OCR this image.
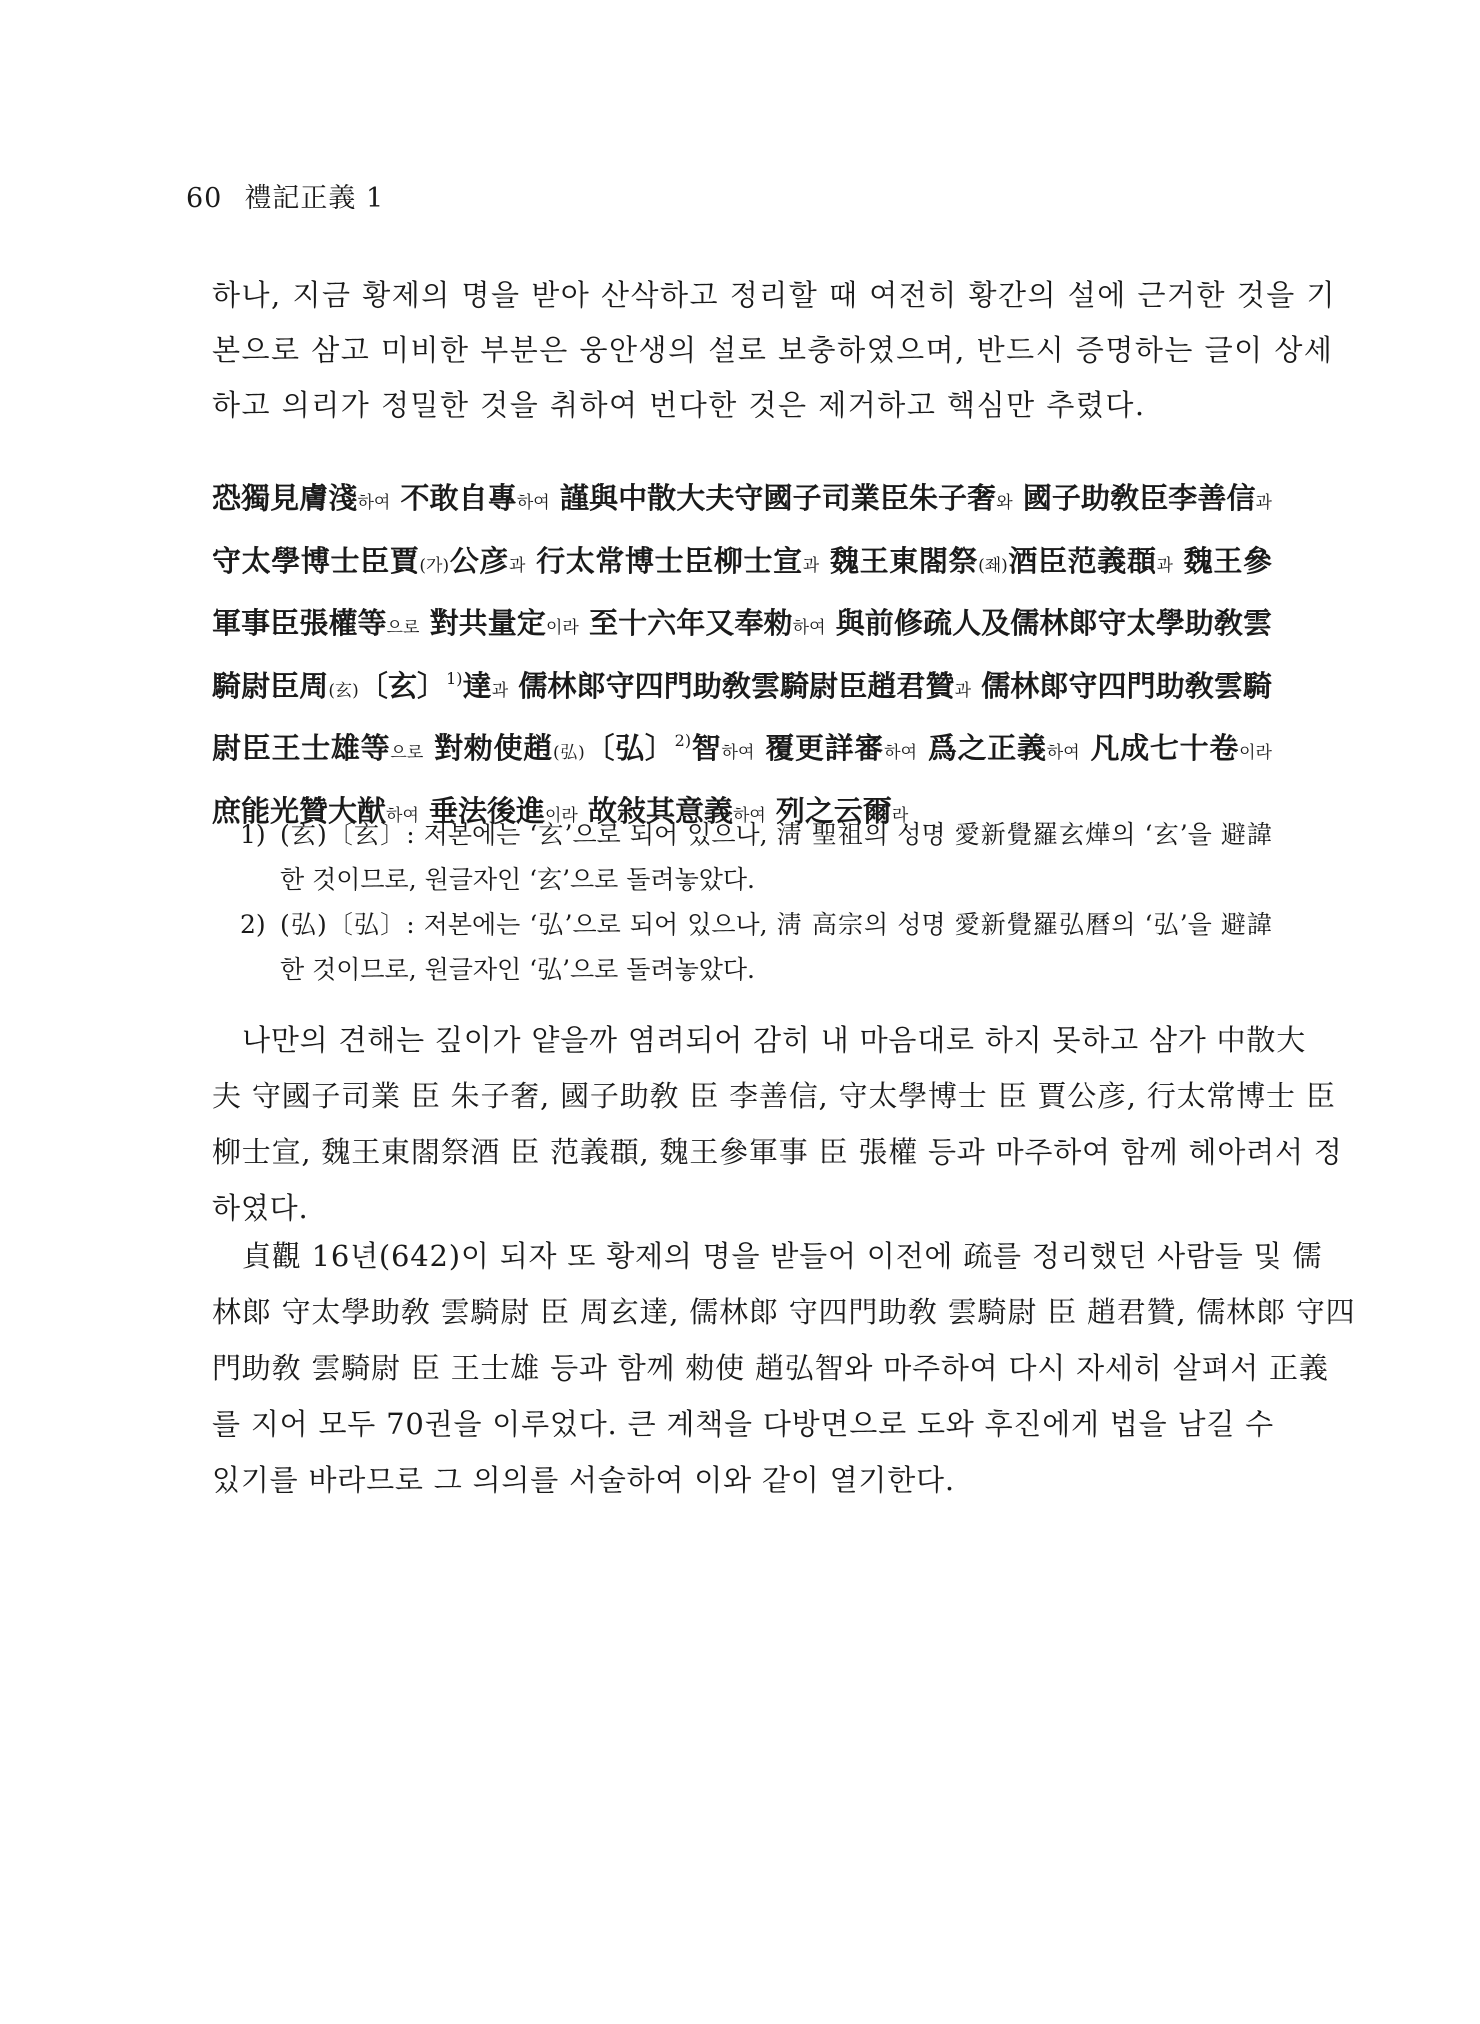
60 禮記正義 1
하나, 지금 황제의 명을 받아 산삭하고 정리할 때 여전히 황간의 설에 근거한 것을 기
본으로 삼고 미비한 부분은 웅안생의 설로 보충하였으며, 반드시 증명하는 글이 상세
하고 의리가 정밀한 것을 취하여 번다한 것은 제거하고 핵심만 추렸다.
恐獨見膚淺하여 不敢自專하여 謹與中散大夫守國子司業臣朱子奢와 國子助敎臣李善信과
守太學博士臣賈(가)公彦과 行太常博士臣柳士宣과 魏王東閤祭(좨)酒臣范義頵과 魏王參
軍事臣張權等으로 對共量定이라 至十六年又奉勑하여 與前修疏人及儒林郞守太學助敎雲
騎尉臣周(玄)〔玄〕$^{1)}$達과 儒林郞守四門助敎雲騎尉臣趙君贊과 儒林郞守四門助敎雲騎
尉臣王士雄等으로 對勑使趙(弘)〔弘〕$^{2)}$智하여 覆更詳審하여 爲之正義하여 凡成七十卷이라
庶能光贊大猷하여 垂法後進이라 故敍其意義하여 列之云爾라
1) (玄)〔玄〕: 저본에는 ‘玄’으로 되어 있으나, 淸 聖祖의 성명 愛新覺羅玄燁의 ‘玄’을 避諱
한 것이므로, 원글자인 ‘玄’으로 돌려놓았다.
2) (弘)〔弘〕: 저본에는 ‘弘’으로 되어 있으나, 淸 高宗의 성명 愛新覺羅弘曆의 ‘弘’을 避諱
한 것이므로, 원글자인 ‘弘’으로 돌려놓았다.
나만의 견해는 깊이가 얕을까 염려되어 감히 내 마음대로 하지 못하고 삼가 中散大
夫 守國子司業 臣 朱子奢, 國子助敎 臣 李善信, 守太學博士 臣 賈公彦, 行太常博士 臣
柳士宣, 魏王東閤祭酒 臣 范義頵, 魏王參軍事 臣 張權 등과 마주하여 함께 헤아려서 정
하였다.
貞觀 16년(642)이 되자 또 황제의 명을 받들어 이전에 疏를 정리했던 사람들 및 儒
林郞 守太學助敎 雲騎尉 臣 周玄達, 儒林郞 守四門助敎 雲騎尉 臣 趙君贊, 儒林郞 守四
門助敎 雲騎尉 臣 王士雄 등과 함께 勑使 趙弘智와 마주하여 다시 자세히 살펴서 正義
를 지어 모두 70권을 이루었다. 큰 계책을 다방면으로 도와 후진에게 법을 남길 수
있기를 바라므로 그 의의를 서술하여 이와 같이 열기한다.
